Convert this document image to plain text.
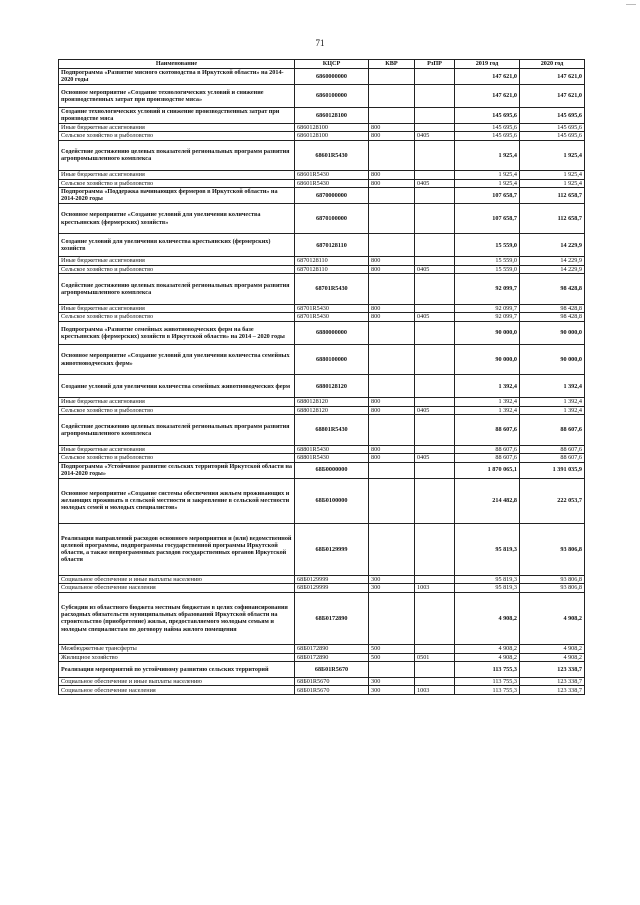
71
Наименование	КЦСР	КВР	РзПР	2019 год	2020 год
Подпрограмма «Развитие мясного скотоводства в Иркутской области» на 2014-2020 годы	6860000000			147 621,0	147 621,0
Основное мероприятие «Создание технологических условий и снижение производственных затрат при производстве мяса»	6860100000			147 621,0	147 621,0
Создание технологических условий и снижение производственных затрат при производстве мяса	6860128100			145 695,6	145 695,6
Иные бюджетные ассигнования	6860128100	800		145 695,6	145 695,6
Сельское хозяйство и рыболовство	6860128100	800	0405	145 695,6	145 695,6
Содействие достижению целевых показателей региональных программ развития агропромышленного комплекса	68601R5430			1 925,4	1 925,4
Иные бюджетные ассигнования	68601R5430	800		1 925,4	1 925,4
Сельское хозяйство и рыболовство	68601R5430	800	0405	1 925,4	1 925,4
Подпрограмма «Поддержка начинающих фермеров в Иркутской области» на 2014-2020 годы	6870000000			107 658,7	112 658,7
Основное мероприятие «Создание условий для увеличения количества крестьянских (фермерских) хозяйств»	6870100000			107 658,7	112 658,7
Создание условий для увеличения количества крестьянских (фермерских) хозяйств	6870128110			15 559,0	14 229,9
Иные бюджетные ассигнования	6870128110	800		15 559,0	14 229,9
Сельское хозяйство и рыболовство	6870128110	800	0405	15 559,0	14 229,9
Содействие достижению целевых показателей региональных программ развития агропромышленного комплекса	68701R5430			92 099,7	98 428,8
Иные бюджетные ассигнования	68701R5430	800		92 099,7	98 428,8
Сельское хозяйство и рыболовство	68701R5430	800	0405	92 099,7	98 428,8
Подпрограмма «Развитие семейных животноводческих ферм на базе крестьянских (фермерских) хозяйств в Иркутской области» на 2014 – 2020 годы	6880000000			90 000,0	90 000,0
Основное мероприятие «Создание условий для увеличения количества семейных животноводческих ферм»	6880100000			90 000,0	90 000,0
Создание условий для увеличения количества семейных животноводческих ферм	6880128120			1 392,4	1 392,4
Иные бюджетные ассигнования	6880128120	800		1 392,4	1 392,4
Сельское хозяйство и рыболовство	6880128120	800	0405	1 392,4	1 392,4
Содействие достижению целевых показателей региональных программ развития агропромышленного комплекса	68801R5430			88 607,6	88 607,6
Иные бюджетные ассигнования	68801R5430	800		88 607,6	88 607,6
Сельское хозяйство и рыболовство	68801R5430	800	0405	88 607,6	88 607,6
Подпрограмма «Устойчивое развитие сельских территорий Иркутской области на 2014-2020 годы»	68Б0000000			1 870 065,1	1 391 035,9
Основное мероприятие «Создание системы обеспечения жильем проживающих и желающих проживать в сельской местности и закрепление в сельской местности молодых семей и молодых специалистов»	68Б0100000			214 482,8	222 053,7
Реализация направлений расходов основного мероприятия и (или) ведомственной целевой программы, подпрограммы государственной программы Иркутской области, а также непрограммных расходов государственных органов Иркутской области	68Б0129999			95 819,3	93 806,8
Социальное обеспечение и иные выплаты населению	68Б0129999	300		95 819,3	93 806,8
Социальное обеспечение населения	68Б0129999	300	1003	95 819,3	93 806,8
Субсидии из областного бюджета местным бюджетам в целях софинансирования расходных обязательств муниципальных образований Иркутской области на строительство (приобретение) жилья, предоставляемого молодым семьям и молодым специалистам по договору найма жилого помещения	68Б0172890			4 908,2	4 908,2
Межбюджетные трансферты	68Б0172890	500		4 908,2	4 908,2
Жилищное хозяйство	68Б0172890	500	0501	4 908,2	4 908,2
Реализация мероприятий по устойчивому развитию сельских территорий	68Б01R5670			113 755,3	123 338,7
Социальное обеспечение и иные выплаты населению	68Б01R5670	300		113 755,3	123 338,7
Социальное обеспечение населения	68Б01R5670	300	1003	113 755,3	123 338,7
